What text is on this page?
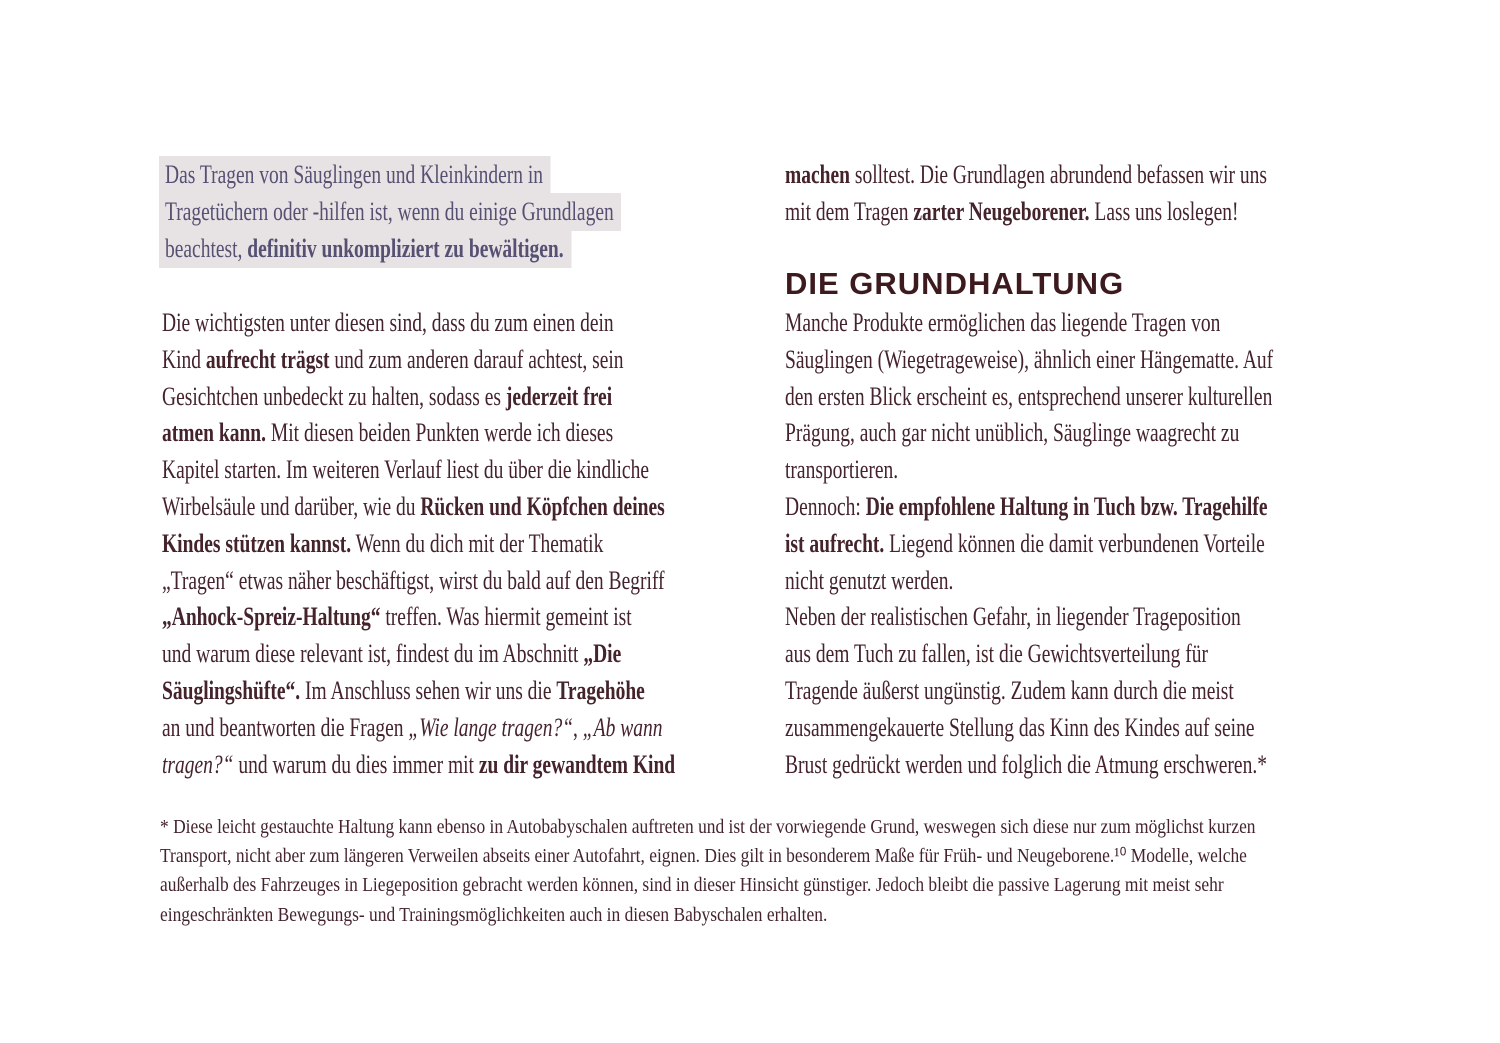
Das Tragen von Säuglingen und Kleinkindern in
Tragetüchern oder -hilfen ist, wenn du einige Grundlagen
beachtest, definitiv unkompliziert zu bewältigen.
Die wichtigsten unter diesen sind, dass du zum einen dein
Kind aufrecht trägst und zum anderen darauf achtest, sein
Gesichtchen unbedeckt zu halten, sodass es jederzeit frei
atmen kann. Mit diesen beiden Punkten werde ich dieses
Kapitel starten. Im weiteren Verlauf liest du über die kindliche
Wirbelsäule und darüber, wie du Rücken und Köpfchen deines
Kindes stützen kannst. Wenn du dich mit der Thematik
„Tragen“ etwas näher beschäftigst, wirst du bald auf den Begriff
„Anhock-Spreiz-Haltung“ treffen. Was hiermit gemeint ist
und warum diese relevant ist, findest du im Abschnitt „Die
Säuglingshüfte“. Im Anschluss sehen wir uns die Tragehöhe
an und beantworten die Fragen „Wie lange tragen?“, „Ab wann
tragen?“ und warum du dies immer mit zu dir gewandtem Kind
machen solltest. Die Grundlagen abrundend befassen wir uns
mit dem Tragen zarter Neugeborener. Lass uns loslegen!
DIE GRUNDHALTUNG
Manche Produkte ermöglichen das liegende Tragen von
Säuglingen (Wiegetrageweise), ähnlich einer Hängematte. Auf
den ersten Blick erscheint es, entsprechend unserer kulturellen
Prägung, auch gar nicht unüblich, Säuglinge waagrecht zu
transportieren.
Dennoch: Die empfohlene Haltung in Tuch bzw. Tragehilfe
ist aufrecht. Liegend können die damit verbundenen Vorteile
nicht genutzt werden.
Neben der realistischen Gefahr, in liegender Trageposition
aus dem Tuch zu fallen, ist die Gewichtsverteilung für
Tragende äußerst ungünstig. Zudem kann durch die meist
zusammengekauerte Stellung das Kinn des Kindes auf seine
Brust gedrückt werden und folglich die Atmung erschweren.*
* Diese leicht gestauchte Haltung kann ebenso in Autobabyschalen auftreten und ist der vorwiegende Grund, weswegen sich diese nur zum möglichst kurzen
Transport, nicht aber zum längeren Verweilen abseits einer Autofahrt, eignen. Dies gilt in besonderem Maße für Früh- und Neugeborene.¹⁰ Modelle, welche
außerhalb des Fahrzeuges in Liegeposition gebracht werden können, sind in dieser Hinsicht günstiger. Jedoch bleibt die passive Lagerung mit meist sehr
eingeschränkten Bewegungs- und Trainingsmöglichkeiten auch in diesen Babyschalen erhalten.
